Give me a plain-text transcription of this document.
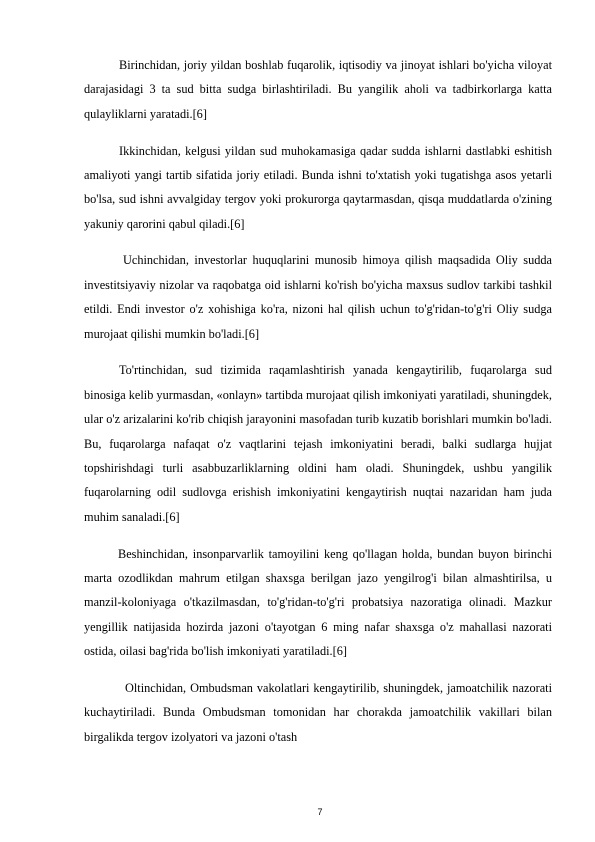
Birinchidan, joriy yildan boshlab fuqarolik, iqtisodiy va jinoyat ishlari bo'yicha viloyat darajasidagi 3 ta sud bitta sudga birlashtiriladi. Bu yangilik aholi va tadbirkorlarga katta qulayliklarni yaratadi.[6]

Ikkinchidan, kelgusi yildan sud muhokamasiga qadar sudda ishlarni dastlabki eshitish amaliyoti yangi tartib sifatida joriy etiladi. Bunda ishni to'xtatish yoki tugatishga asos yetarli bo'lsa, sud ishni avvalgiday tergov yoki prokurorga qaytarmasdan, qisqa muddatlarda o'zining yakuniy qarorini qabul qiladi.[6]

Uchinchidan, investorlar huquqlarini munosib himoya qilish maqsadida Oliy sudda investitsiyaviy nizolar va raqobatga oid ishlarni ko'rish bo'yicha maxsus sudlov tarkibi tashkil etildi. Endi investor o'z xohishiga ko'ra, nizoni hal qilish uchun to'g'ridan-to'g'ri Oliy sudga murojaat qilishi mumkin bo'ladi.[6]

To'rtinchidan, sud tizimida raqamlashtirish yanada kengaytirilib, fuqarolarga sud binosiga kelib yurmasdan, «onlayn» tartibda murojaat qilish imkoniyati yaratiladi, shuningdek, ular o'z arizalarini ko'rib chiqish jarayonini masofadan turib kuzatib borishlari mumkin bo'ladi. Bu, fuqarolarga nafaqat o'z vaqtlarini tejash imkoniyatini beradi, balki sudlarga hujjat topshirishdagi turli asabbuzarliklarning oldini ham oladi. Shuningdek, ushbu yangilik fuqarolarning odil sudlovga erishish imkoniyatini kengaytirish nuqtai nazaridan ham juda muhim sanaladi.[6]

Beshinchidan, insonparvarlik tamoyilini keng qo'llagan holda, bundan buyon birinchi marta ozodlikdan mahrum etilgan shaxsga berilgan jazo yengilrog'i bilan almashtirilsa, u manzil-koloniyaga o'tkazilmasdan, to'g'ridan-to'g'ri probatsiya nazoratiga olinadi. Mazkur yengillik natijasida hozirda jazoni o'tayotgan 6 ming nafar shaxsga o'z mahallasi nazorati ostida, oilasi bag'rida bo'lish imkoniyati yaratiladi.[6]

Oltinchidan, Ombudsman vakolatlari kengaytirilib, shuningdek, jamoatchilik nazorati kuchaytiriladi. Bunda Ombudsman tomonidan har chorakda jamoatchilik vakillari bilan birgalikda tergov izolyatori va jazoni o'tash

7
